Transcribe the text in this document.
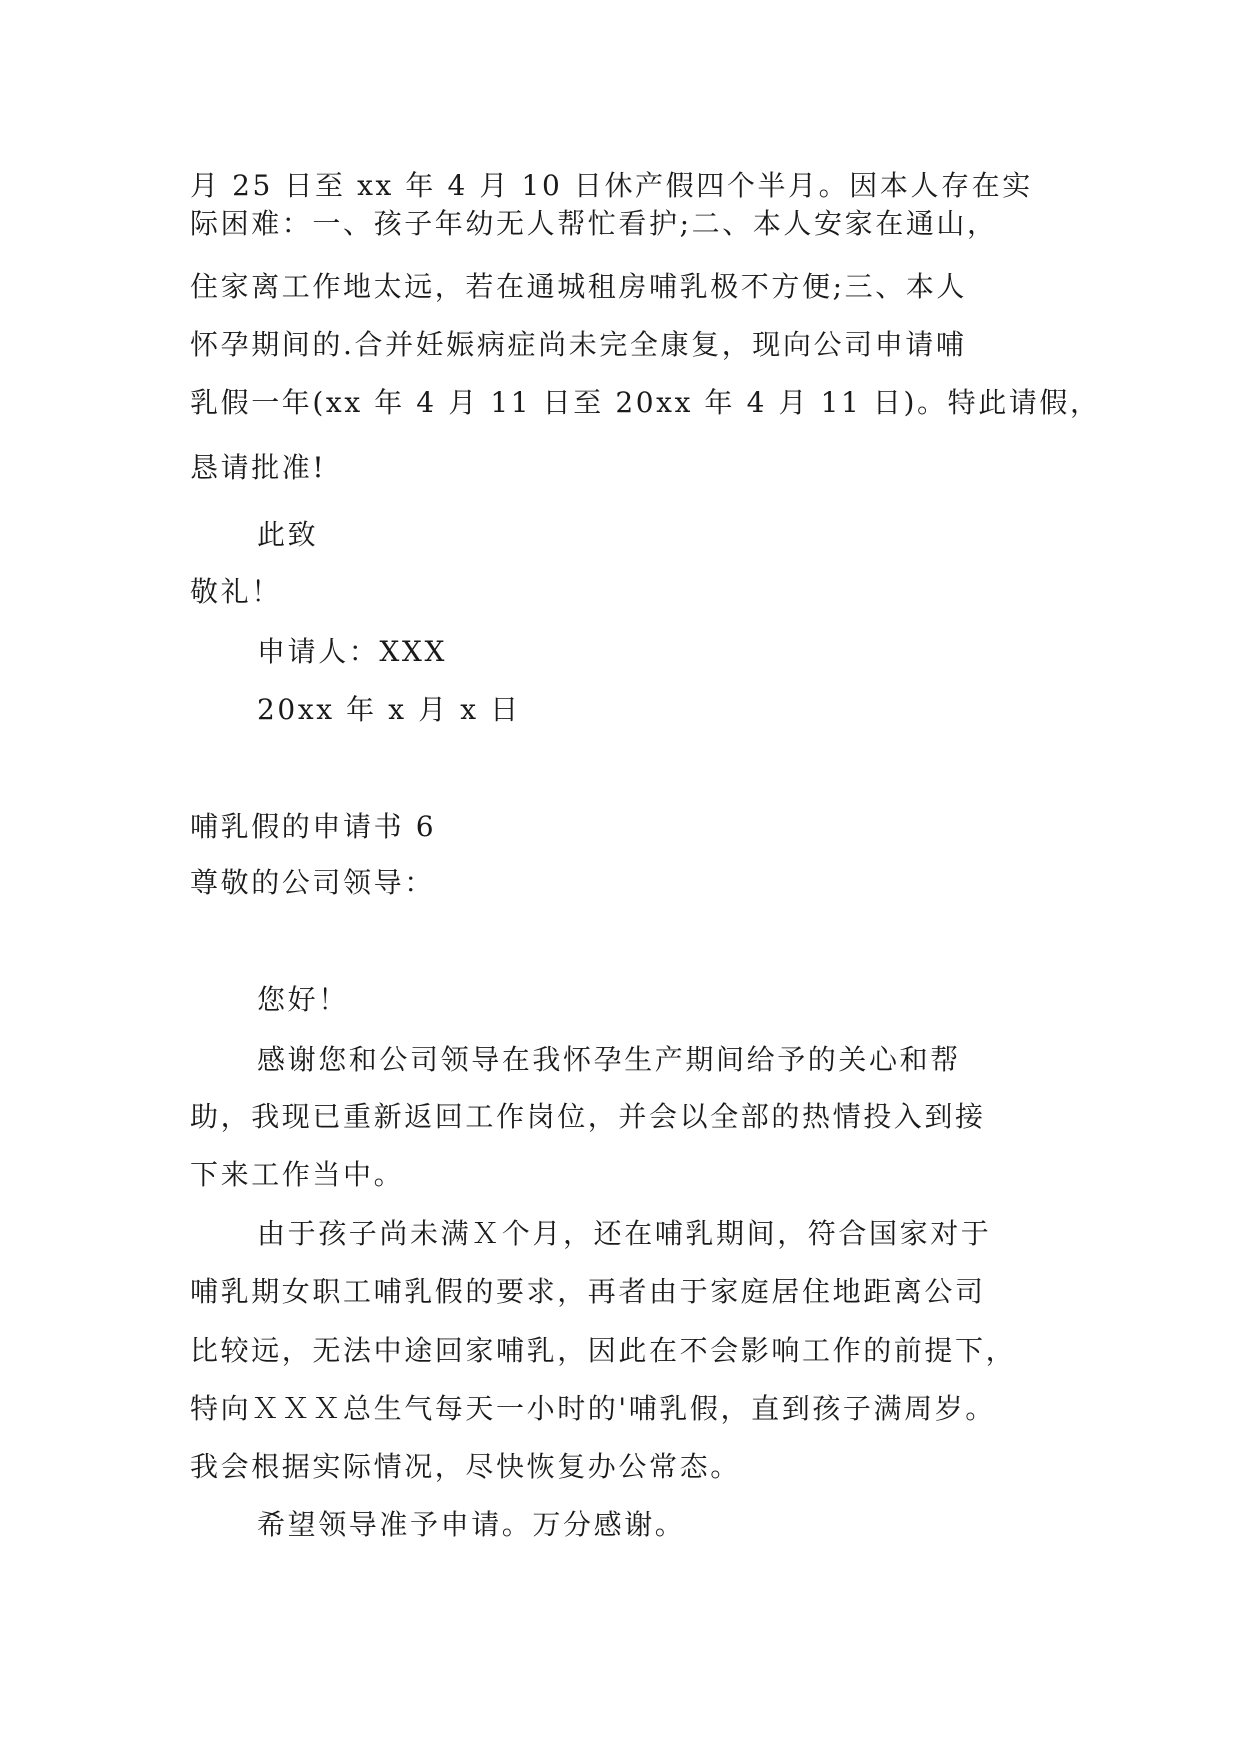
月 25 日至 xx 年 4 月 10 日休产假四个半月。因本人存在实
际困难：一、孩子年幼无人帮忙看护;二、本人安家在通山，
住家离工作地太远，若在通城租房哺乳极不方便;三、本人
怀孕期间的.合并妊娠病症尚未完全康复，现向公司申请哺
乳假一年(xx 年 4 月 11 日至 20xx 年 4 月 11 日)。特此请假，
恳请批准!
此致
敬礼！
申请人：XXX
20xx 年 x 月 x 日
哺乳假的申请书 6
尊敬的公司领导：
您好！
感谢您和公司领导在我怀孕生产期间给予的关心和帮
助，我现已重新返回工作岗位，并会以全部的热情投入到接
下来工作当中。
由于孩子尚未满Ｘ个月，还在哺乳期间，符合国家对于
哺乳期女职工哺乳假的要求，再者由于家庭居住地距离公司
比较远，无法中途回家哺乳，因此在不会影响工作的前提下，
特向ＸＸＸ总生气每天一小时的'哺乳假，直到孩子满周岁。
我会根据实际情况，尽快恢复办公常态。
希望领导准予申请。万分感谢。
